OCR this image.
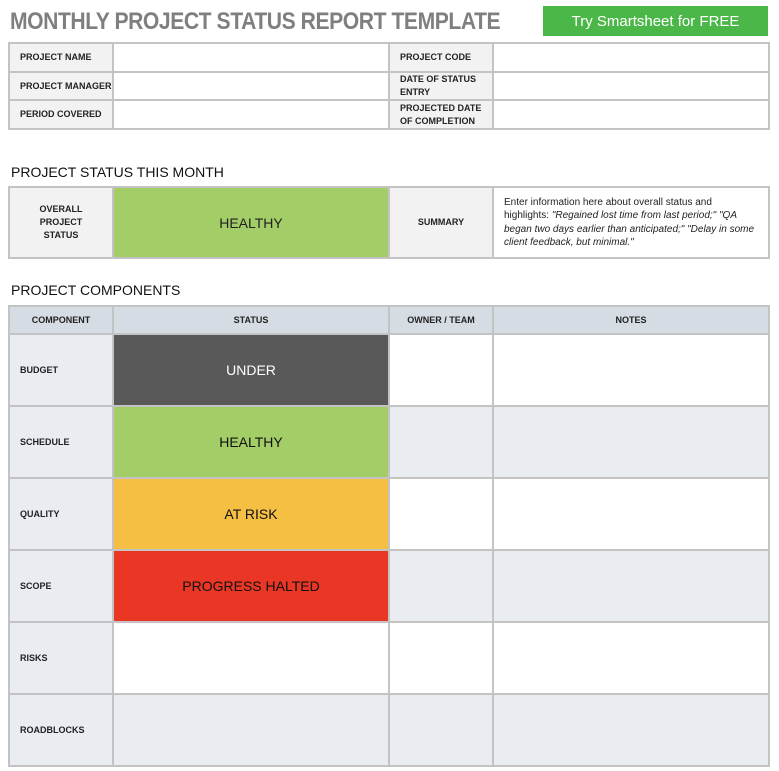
MONTHLY PROJECT STATUS REPORT TEMPLATE	Try Smartsheet for FREE
PROJECT NAME		PROJECT CODE	
PROJECT MANAGER		DATE OF STATUS ENTRY	
PERIOD COVERED		PROJECTED DATE OF COMPLETION	
PROJECT STATUS THIS MONTH
OVERALL PROJECT STATUS	HEALTHY	SUMMARY	Enter information here about overall status and highlights: "Regained lost time from last period;" "QA began two days earlier than anticipated;" "Delay in some client feedback, but minimal."
PROJECT COMPONENTS
COMPONENT	STATUS	OWNER / TEAM	NOTES
BUDGET	UNDER		
SCHEDULE	HEALTHY		
QUALITY	AT RISK		
SCOPE	PROGRESS HALTED		
RISKS			
ROADBLOCKS			
